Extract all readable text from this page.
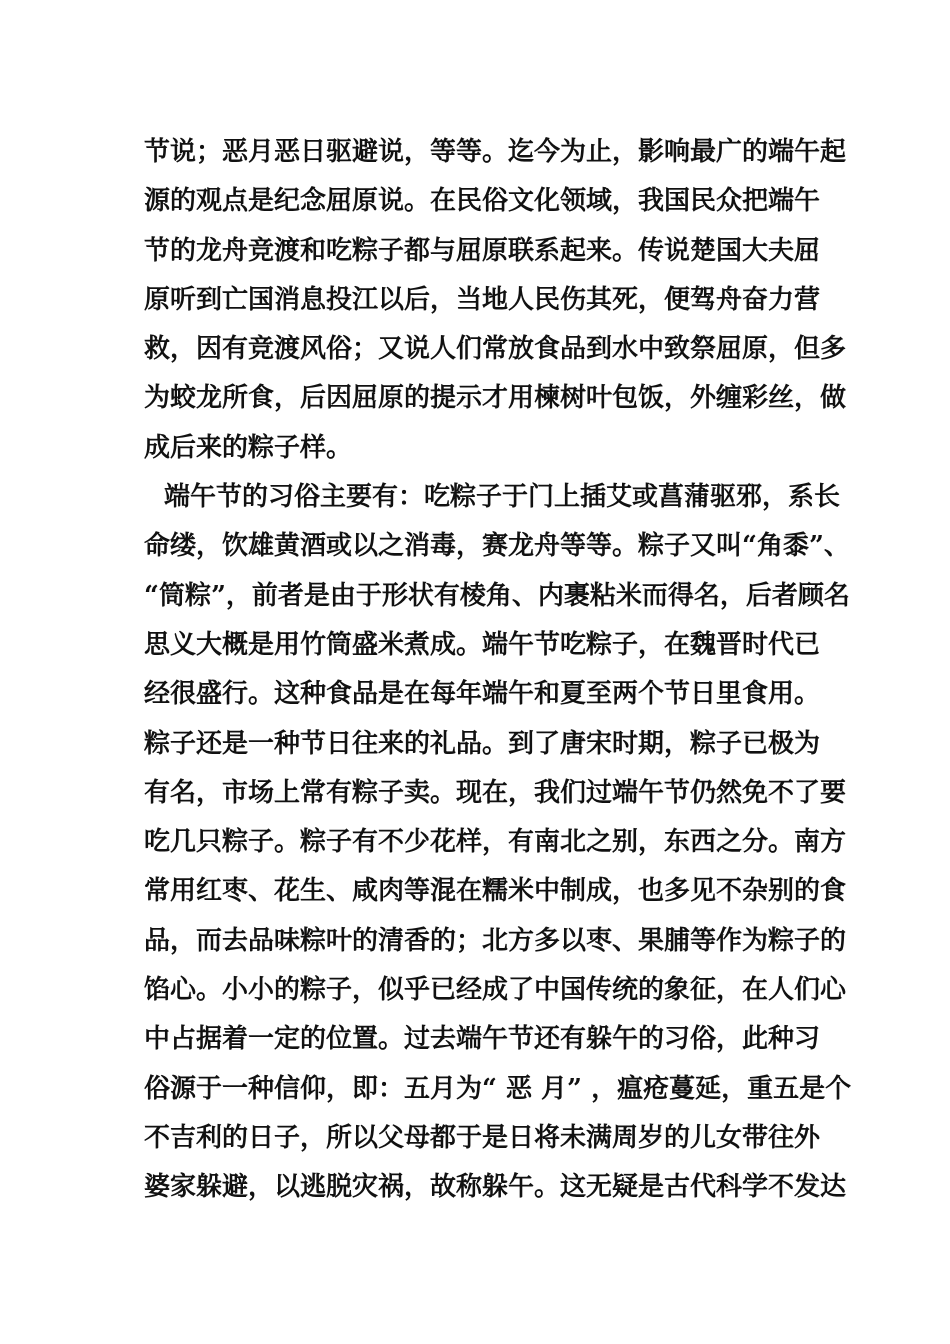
节说；恶月恶日驱避说，等等。迄今为止，影响最广的端午起
源的观点是纪念屈原说。在民俗文化领域，我国民众把端午
节的龙舟竞渡和吃粽子都与屈原联系起来。传说楚国大夫屈
原听到亡国消息投江以后，当地人民伤其死，便驾舟奋力营
救，因有竞渡风俗；又说人们常放食品到水中致祭屈原，但多
为蛟龙所食，后因屈原的提示才用楝树叶包饭，外缠彩丝，做
成后来的粽子样。
端午节的习俗主要有：吃粽子于门上插艾或菖蒲驱邪，系长
命缕，饮雄黄酒或以之消毒，赛龙舟等等。粽子又叫“角黍”、
“筒粽”，前者是由于形状有棱角、内裹粘米而得名，后者顾名
思义大概是用竹筒盛米煮成。端午节吃粽子，在魏晋时代已
经很盛行。这种食品是在每年端午和夏至两个节日里食用。
粽子还是一种节日往来的礼品。到了唐宋时期，粽子已极为
有名，市场上常有粽子卖。现在，我们过端午节仍然免不了要
吃几只粽子。粽子有不少花样，有南北之别，东西之分。南方
常用红枣、花生、咸肉等混在糯米中制成，也多见不杂别的食
品，而去品味粽叶的清香的；北方多以枣、果脯等作为粽子的
馅心。小小的粽子，似乎已经成了中国传统的象征，在人们心
中占据着一定的位置。过去端午节还有躲午的习俗，此种习
俗源于一种信仰，即：五月为“ 恶 月” ，瘟疮蔓延，重五是个
不吉利的日子，所以父母都于是日将未满周岁的儿女带往外
婆家躲避，以逃脱灾祸，故称躲午。这无疑是古代科学不发达
